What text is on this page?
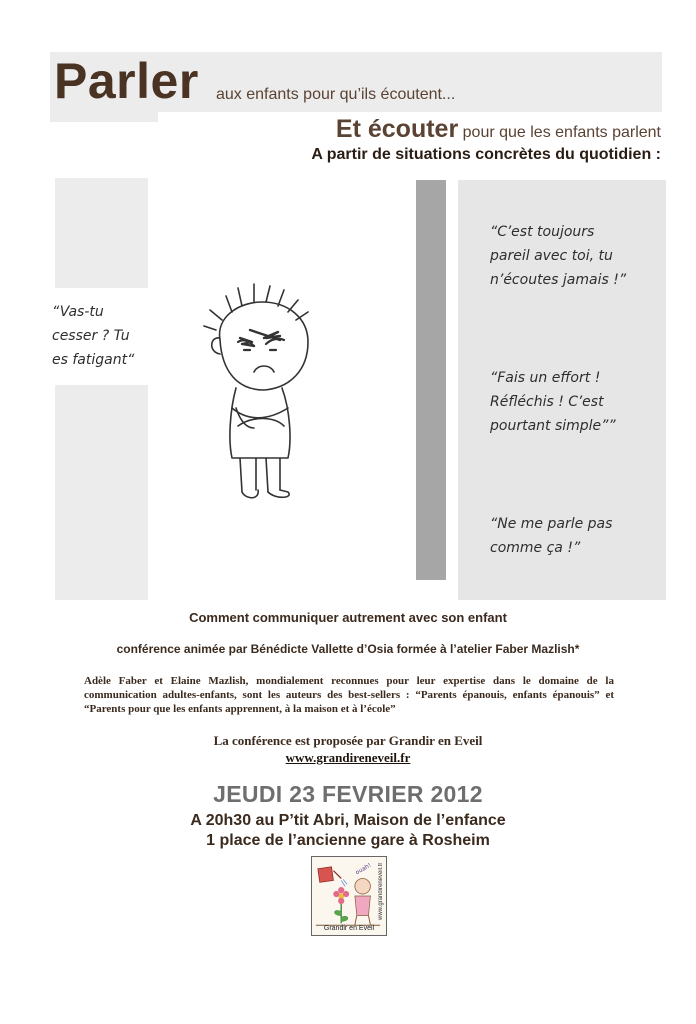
Parler aux enfants pour qu’ils écoutent...
Et écouter pour que les enfants parlent
A partir de situations concrètes du quotidien :
“Vas-tu
cesser ? Tu
es fatigant“
“C’est toujours
pareil avec toi, tu
n’écoutes jamais !”
“Fais un effort !
Réfléchis ! C’est
pourtant simple””
“Ne me parle pas
comme ça !”
Comment communiquer autrement avec son enfant
conférence animée par Bénédicte Vallette d’Osia formée à l’atelier Faber Mazlish*
Adèle Faber et Elaine Mazlish, mondialement reconnues pour leur expertise dans le domaine de la communication adultes-enfants, sont les auteurs des best-sellers : “Parents épanouis, enfants épanouis” et “Parents pour que les enfants apprennent, à la maison et à l’école”
La conférence est proposée par Grandir en Eveil
www.grandireneveil.fr
JEUDI 23 FEVRIER 2012
A 20h30 au P’tit Abri, Maison de l’enfance
1 place de l’ancienne gare à Rosheim
ouah!
Grandir en Eveil
www.grandireneveil.fr
